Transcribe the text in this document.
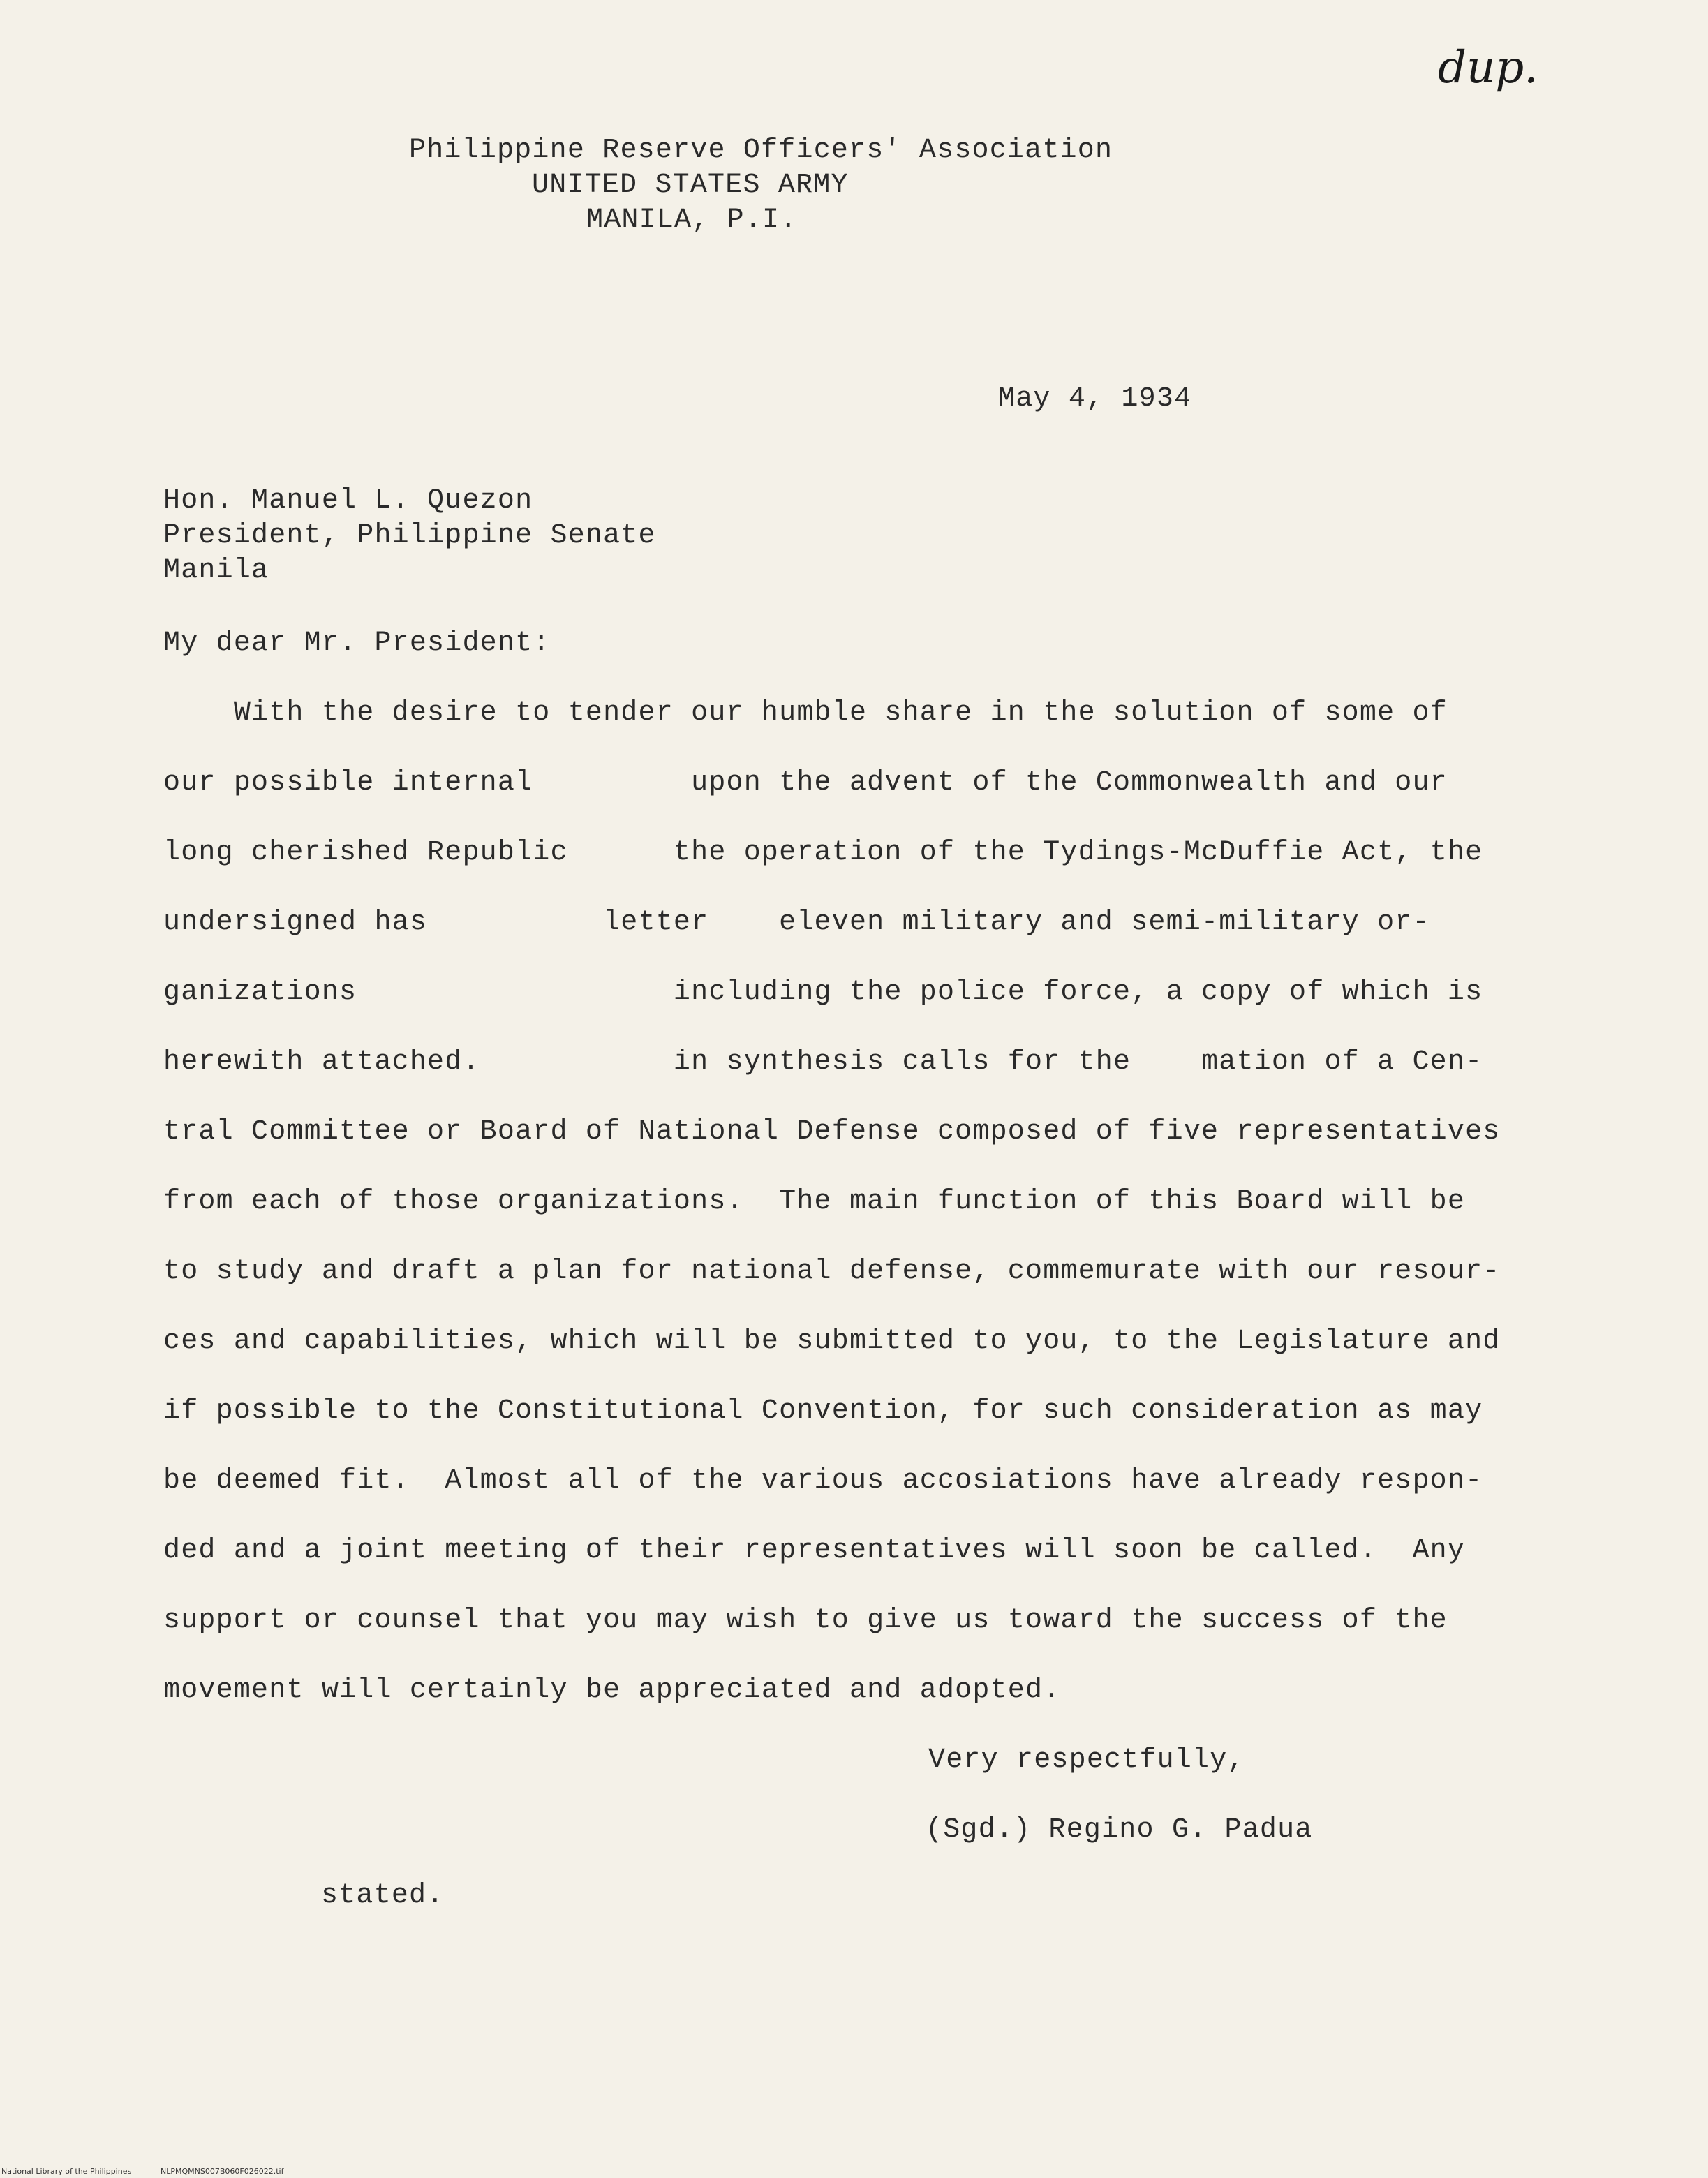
dup.
Philippine Reserve Officers' Association
UNITED STATES ARMY
MANILA, P.I.
May 4, 1934
Hon. Manuel L. Quezon
President, Philippine Senate
Manila
My dear Mr. President:
With the desire to tender our humble share in the solution of some of
our possible internal         upon the advent of the Commonwealth and our
long cherished Republic      the operation of the Tydings-McDuffie Act, the
undersigned has          letter    eleven military and semi-military or-
ganizations                  including the police force, a copy of which is
herewith attached.           in synthesis calls for the    mation of a Cen-
tral Committee or Board of National Defense composed of five representatives
from each of those organizations.  The main function of this Board will be
to study and draft a plan for national defense, commemurate with our resour-
ces and capabilities, which will be submitted to you, to the Legislature and
if possible to the Constitutional Convention, for such consideration as may
be deemed fit.  Almost all of the various accosiations have already respon-
ded and a joint meeting of their representatives will soon be called.  Any
support or counsel that you may wish to give us toward the success of the
movement will certainly be appreciated and adopted.
Very respectfully,
(Sgd.) Regino G. Padua
stated.
National Library of the Philippines	NLPMQMNS007B060F026022.tif
